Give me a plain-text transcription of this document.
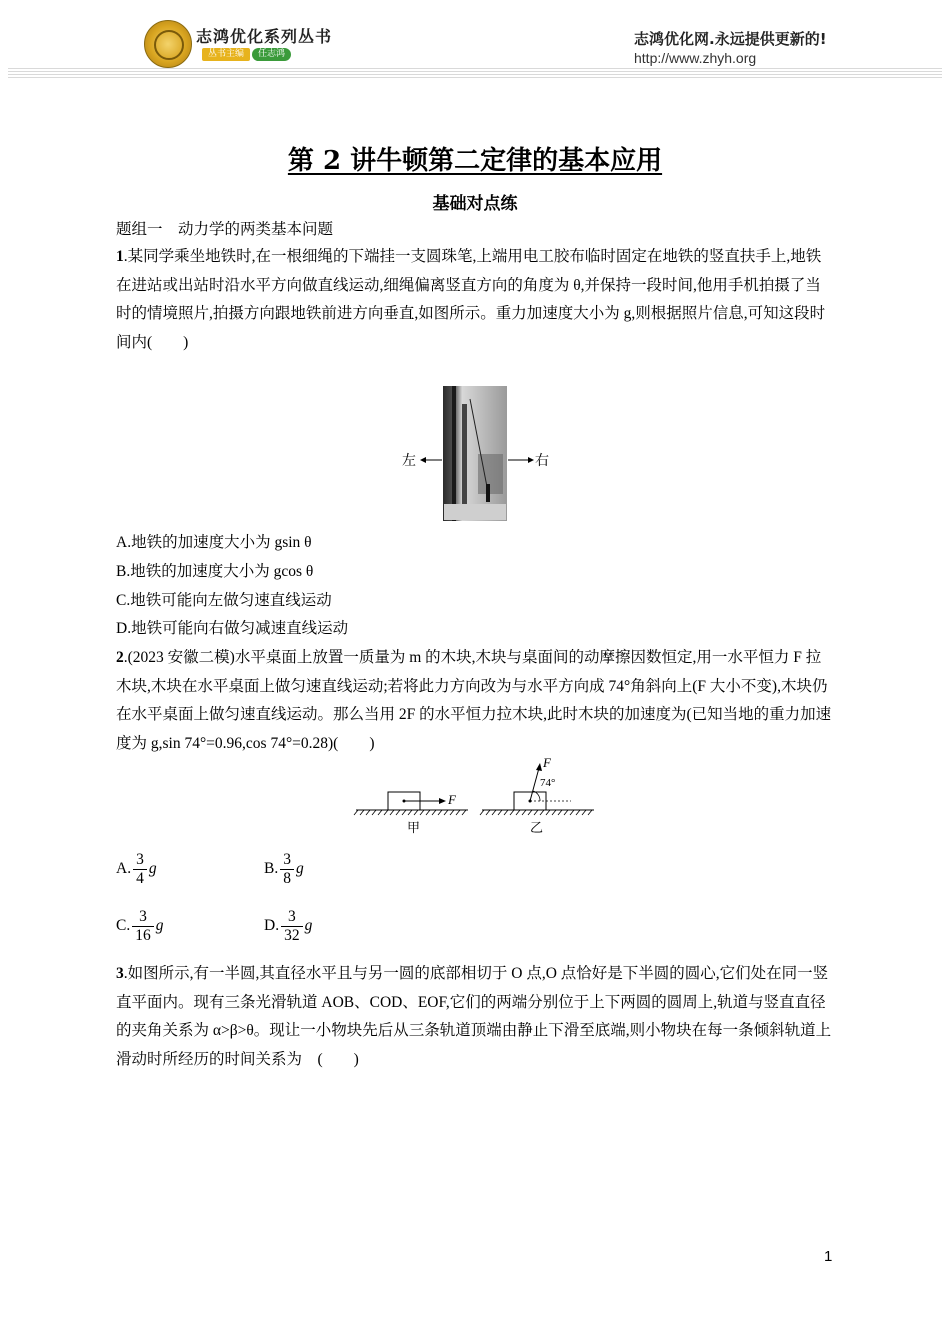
志鸿优化系列丛书
丛书主编	任志鸿
志鸿优化网.永远提供更新的!
http://www.zhyh.org
第 2 讲牛顿第二定律的基本应用
基础对点练
题组一　动力学的两类基本问题
1.某同学乘坐地铁时,在一根细绳的下端挂一支圆珠笔,上端用电工胶布临时固定在地铁的竖直扶手上,地铁在进站或出站时沿水平方向做直线运动,细绳偏离竖直方向的角度为 θ,并保持一段时间,他用手机拍摄了当时的情境照片,拍摄方向跟地铁前进方向垂直,如图所示。重力加速度大小为 g,则根据照片信息,可知这段时间内(　　)
左	右
A.地铁的加速度大小为 gsin θ
B.地铁的加速度大小为 gcos θ
C.地铁可能向左做匀速直线运动
D.地铁可能向右做匀减速直线运动
2.(2023 安徽二模)水平桌面上放置一质量为 m 的木块,木块与桌面间的动摩擦因数恒定,用一水平恒力 F 拉木块,木块在水平桌面上做匀速直线运动;若将此力方向改为与水平方向成 74°角斜向上(F 大小不变),木块仍在水平桌面上做匀速直线运动。那么当用 2F 的水平恒力拉木块,此时木块的加速度为(已知当地的重力加速度为 g,sin 74°=0.96,cos 74°=0.28)(　　)
F
F
74°
甲	乙
A. $\frac{3}{4}$ g	B. $\frac{3}{8}$ g
C. $\frac{3}{16}$ g	D. $\frac{3}{32}$ g
3.如图所示,有一半圆,其直径水平且与另一圆的底部相切于 O 点,O 点恰好是下半圆的圆心,它们处在同一竖直平面内。现有三条光滑轨道 AOB、COD、EOF,它们的两端分别位于上下两圆的圆周上,轨道与竖直直径的夹角关系为 α>β>θ。现让一小物块先后从三条轨道顶端由静止下滑至底端,则小物块在每一条倾斜轨道上滑动时所经历的时间关系为　(　　)
1
